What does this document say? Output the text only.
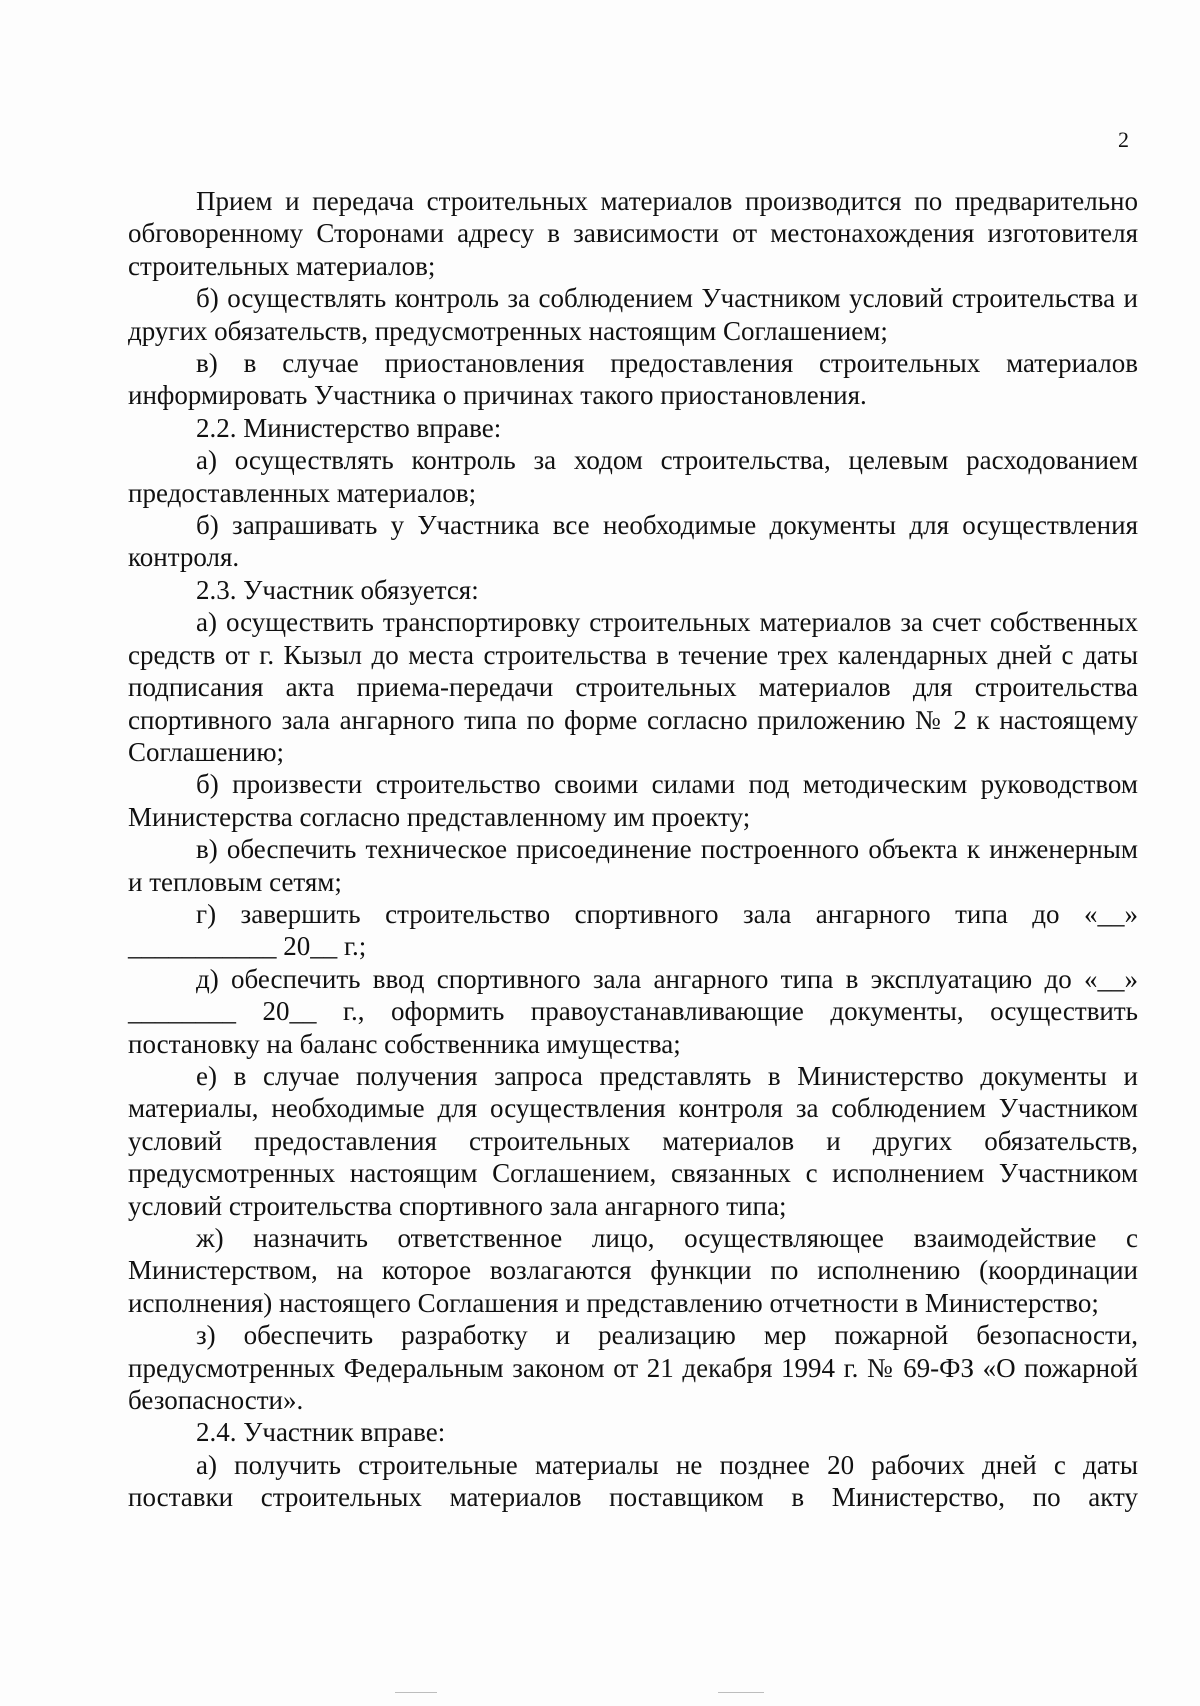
2

Прием и передача строительных материалов производится по предварительно обговоренному Сторонами адресу в зависимости от местонахождения изготовителя строительных материалов;

б) осуществлять контроль за соблюдением Участником условий строительства и других обязательств, предусмотренных настоящим Соглашением;

в) в случае приостановления предоставления строительных материалов информировать Участника о причинах такого приостановления.

2.2. Министерство вправе:

а) осуществлять контроль за ходом строительства, целевым расходованием предоставленных материалов;

б) запрашивать у Участника все необходимые документы для осуществления контроля.

2.3. Участник обязуется:

а) осуществить транспортировку строительных материалов за счет собственных средств от г. Кызыл до места строительства в течение трех календарных дней с даты подписания акта приема-передачи строительных материалов для строительства спортивного зала ангарного типа по форме согласно приложению № 2 к настоящему Соглашению;

б) произвести строительство своими силами под методическим руководством Министерства согласно представленному им проекту;

в) обеспечить техническое присоединение построенного объекта к инженерным и тепловым сетям;

г) завершить строительство спортивного зала ангарного типа до «__» ___________ 20__ г.;

д) обеспечить ввод спортивного зала ангарного типа в эксплуатацию до «__» ________ 20__ г., оформить правоустанавливающие документы, осуществить постановку на баланс собственника имущества;

е) в случае получения запроса представлять в Министерство документы и материалы, необходимые для осуществления контроля за соблюдением Участником условий предоставления строительных материалов и других обязательств, предусмотренных настоящим Соглашением, связанных с исполнением Участником условий строительства спортивного зала ангарного типа;

ж) назначить ответственное лицо, осуществляющее взаимодействие с Министерством, на которое возлагаются функции по исполнению (координации исполнения) настоящего Соглашения и представлению отчетности в Министерство;

з) обеспечить разработку и реализацию мер пожарной безопасности, предусмотренных Федеральным законом от 21 декабря 1994 г. № 69-ФЗ «О пожарной безопасности».

2.4. Участник вправе:

а) получить строительные материалы не позднее 20 рабочих дней с даты поставки строительных материалов поставщиком в Министерство, по акту
